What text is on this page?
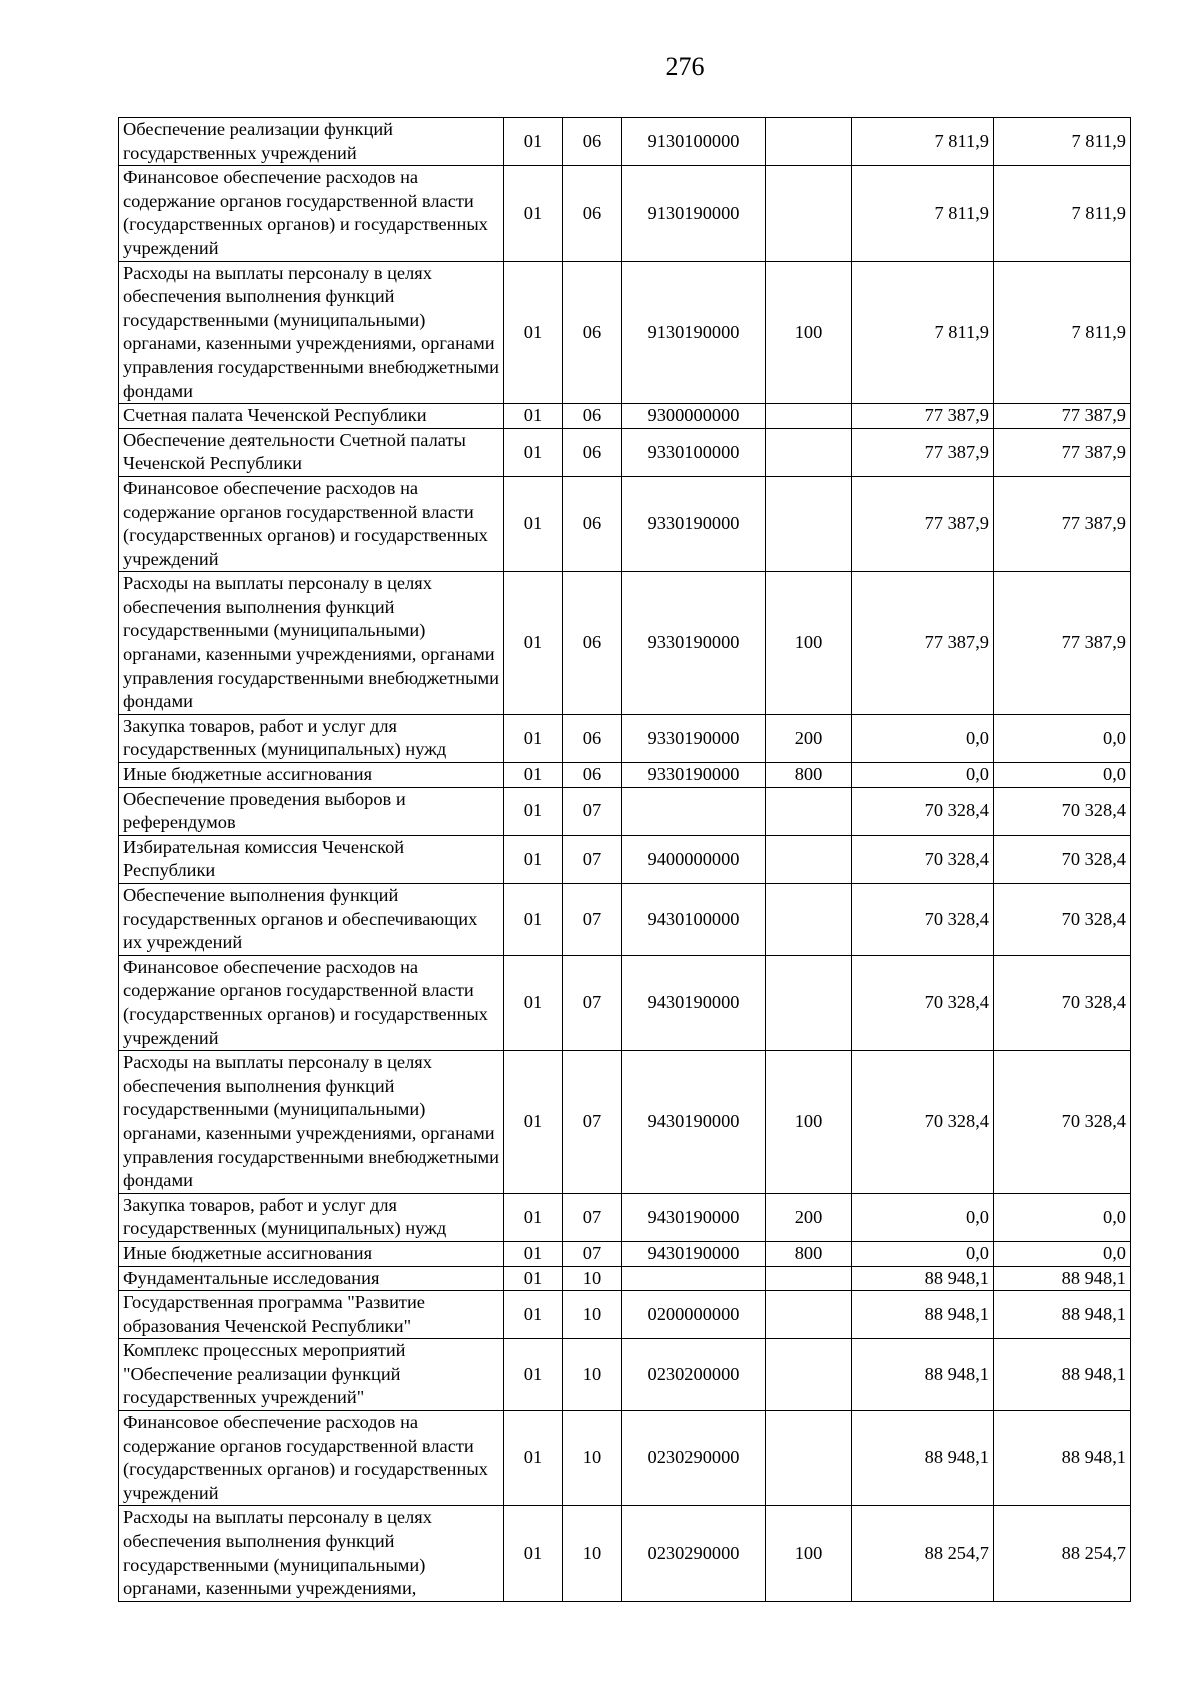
276
Обеспечение реализации функций государственных учреждений	01	06	9130100000		7 811,9	7 811,9
Финансовое обеспечение расходов на содержание органов государственной власти (государственных органов) и государственных учреждений	01	06	9130190000		7 811,9	7 811,9
Расходы на выплаты персоналу в целях обеспечения выполнения функций государственными (муниципальными) органами, казенными учреждениями, органами управления государственными внебюджетными фондами	01	06	9130190000	100	7 811,9	7 811,9
Счетная палата Чеченской Республики	01	06	9300000000		77 387,9	77 387,9
Обеспечение деятельности Счетной палаты Чеченской Республики	01	06	9330100000		77 387,9	77 387,9
Финансовое обеспечение расходов на содержание органов государственной власти (государственных органов) и государственных учреждений	01	06	9330190000		77 387,9	77 387,9
Расходы на выплаты персоналу в целях обеспечения выполнения функций государственными (муниципальными) органами, казенными учреждениями, органами управления государственными внебюджетными фондами	01	06	9330190000	100	77 387,9	77 387,9
Закупка товаров, работ и услуг для государственных (муниципальных) нужд	01	06	9330190000	200	0,0	0,0
Иные бюджетные ассигнования	01	06	9330190000	800	0,0	0,0
Обеспечение проведения выборов и референдумов	01	07			70 328,4	70 328,4
Избирательная комиссия Чеченской Республики	01	07	9400000000		70 328,4	70 328,4
Обеспечение выполнения функций государственных органов и обеспечивающих их учреждений	01	07	9430100000		70 328,4	70 328,4
Финансовое обеспечение расходов на содержание органов государственной власти (государственных органов) и государственных учреждений	01	07	9430190000		70 328,4	70 328,4
Расходы на выплаты персоналу в целях обеспечения выполнения функций государственными (муниципальными) органами, казенными учреждениями, органами управления государственными внебюджетными фондами	01	07	9430190000	100	70 328,4	70 328,4
Закупка товаров, работ и услуг для государственных (муниципальных) нужд	01	07	9430190000	200	0,0	0,0
Иные бюджетные ассигнования	01	07	9430190000	800	0,0	0,0
Фундаментальные исследования	01	10			88 948,1	88 948,1
Государственная программа "Развитие образования Чеченской Республики"	01	10	0200000000		88 948,1	88 948,1
Комплекс процессных мероприятий "Обеспечение реализации функций государственных учреждений"	01	10	0230200000		88 948,1	88 948,1
Финансовое обеспечение расходов на содержание органов государственной власти (государственных органов) и государственных учреждений	01	10	0230290000		88 948,1	88 948,1
Расходы на выплаты персоналу в целях обеспечения выполнения функций государственными (муниципальными) органами, казенными учреждениями,	01	10	0230290000	100	88 254,7	88 254,7
